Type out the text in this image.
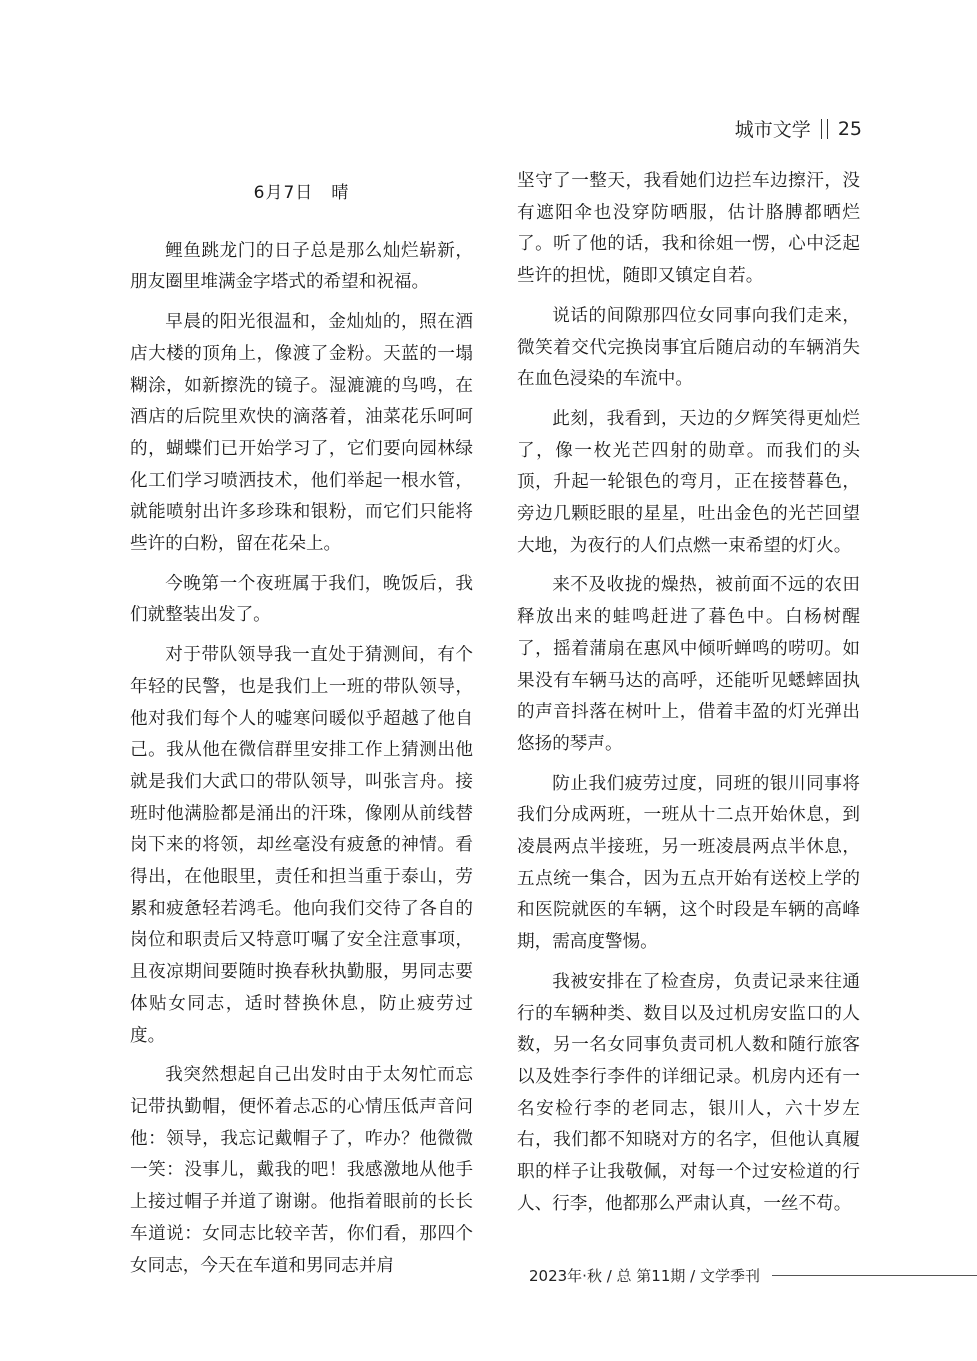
城市文学 25
6月7日 晴

鲤鱼跳龙门的日子总是那么灿烂崭新，朋友圈里堆满金字塔式的希望和祝福。

早晨的阳光很温和，金灿灿的，照在酒店大楼的顶角上，像渡了金粉。天蓝的一塌糊涂，如新擦洗的镜子。湿漉漉的鸟鸣，在酒店的后院里欢快的滴落着，油菜花乐呵呵的，蝴蝶们已开始学习了，它们要向园林绿化工们学习喷洒技术，他们举起一根水管，就能喷射出许多珍珠和银粉，而它们只能将些许的白粉，留在花朵上。

今晚第一个夜班属于我们，晚饭后，我们就整装出发了。

对于带队领导我一直处于猜测间，有个年轻的民警，也是我们上一班的带队领导，他对我们每个人的嘘寒问暖似乎超越了他自己。我从他在微信群里安排工作上猜测出他就是我们大武口的带队领导，叫张言舟。接班时他满脸都是涌出的汗珠，像刚从前线替岗下来的将领，却丝毫没有疲惫的神情。看得出，在他眼里，责任和担当重于泰山，劳累和疲惫轻若鸿毛。他向我们交待了各自的岗位和职责后又特意叮嘱了安全注意事项，且夜凉期间要随时换春秋执勤服，男同志要体贴女同志，适时替换休息，防止疲劳过度。

我突然想起自己出发时由于太匆忙而忘记带执勤帽，便怀着忐忑的心情压低声音问他：领导，我忘记戴帽子了，咋办？他微微一笑：没事儿，戴我的吧！我感激地从他手上接过帽子并道了谢谢。他指着眼前的长长车道说：女同志比较辛苦，你们看，那四个女同志，今天在车道和男同志并肩

坚守了一整天，我看她们边拦车边擦汗，没有遮阳伞也没穿防晒服，估计胳膊都晒烂了。听了他的话，我和徐姐一愣，心中泛起些许的担忧，随即又镇定自若。

说话的间隙那四位女同事向我们走来，微笑着交代完换岗事宜后随启动的车辆消失在血色浸染的车流中。

此刻，我看到，天边的夕辉笑得更灿烂了，像一枚光芒四射的勋章。而我们的头顶，升起一轮银色的弯月，正在接替暮色，旁边几颗眨眼的星星，吐出金色的光芒回望大地，为夜行的人们点燃一束希望的灯火。

来不及收拢的燥热，被前面不远的农田释放出来的蛙鸣赶进了暮色中。白杨树醒了，摇着蒲扇在惠风中倾听蝉鸣的唠叨。如果没有车辆马达的高呼，还能听见蟋蟀固执的声音抖落在树叶上，借着丰盈的灯光弹出悠扬的琴声。

防止我们疲劳过度，同班的银川同事将我们分成两班，一班从十二点开始休息，到凌晨两点半接班，另一班凌晨两点半休息，五点统一集合，因为五点开始有送校上学的和医院就医的车辆，这个时段是车辆的高峰期，需高度警惕。

我被安排在了检查房，负责记录来往通行的车辆种类、数目以及过机房安监口的人数，另一名女同事负责司机人数和随行旅客以及姓李行李件的详细记录。机房内还有一名安检行李的老同志，银川人，六十岁左右，我们都不知晓对方的名字，但他认真履职的样子让我敬佩，对每一个过安检道的行人、行李，他都那么严肃认真，一丝不苟。

2023年·秋 / 总 第11期 / 文学季刊
